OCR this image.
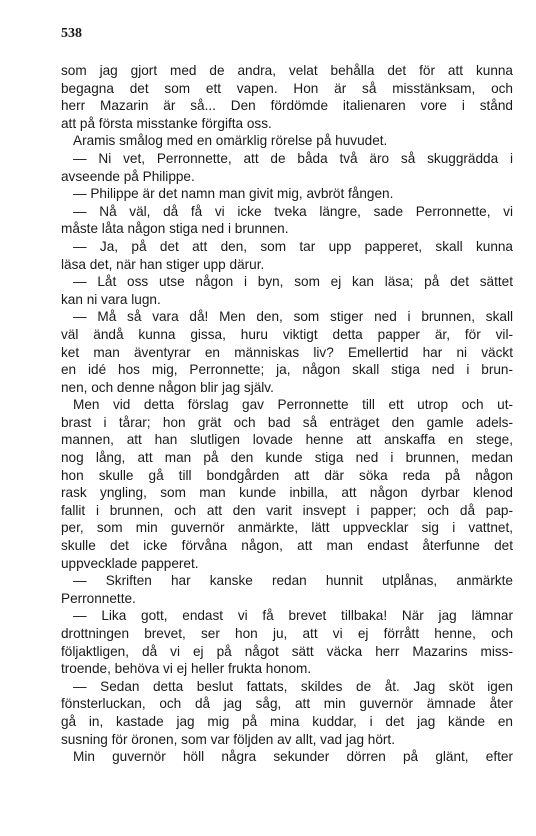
538
som jag gjort med de andra, velat behålla det för att kunna
begagna det som ett vapen. Hon är så misstänksam, och
herr Mazarin är så... Den fördömde italienaren vore i stånd
att på första misstanke förgifta oss.
Aramis smålog med en omärklig rörelse på huvudet.
— Ni vet, Perronnette, att de båda två äro så skuggrädda i
avseende på Philippe.
— Philippe är det namn man givit mig, avbröt fången.
— Nå väl, då få vi icke tveka längre, sade Perronnette, vi
måste låta någon stiga ned i brunnen.
— Ja, på det att den, som tar upp papperet, skall kunna
läsa det, när han stiger upp därur.
— Låt oss utse någon i byn, som ej kan läsa; på det sättet
kan ni vara lugn.
— Må så vara då! Men den, som stiger ned i brunnen, skall
väl ändå kunna gissa, huru viktigt detta papper är, för vil-
ket man äventyrar en människas liv? Emellertid har ni väckt
en idé hos mig, Perronnette; ja, någon skall stiga ned i brun-
nen, och denne någon blir jag själv.
Men vid detta förslag gav Perronnette till ett utrop och ut-
brast i tårar; hon grät och bad så enträget den gamle adels-
mannen, att han slutligen lovade henne att anskaffa en stege,
nog lång, att man på den kunde stiga ned i brunnen, medan
hon skulle gå till bondgården att där söka reda på någon
rask yngling, som man kunde inbilla, att någon dyrbar klenod
fallit i brunnen, och att den varit insvept i papper; och då pap-
per, som min guvernör anmärkte, lätt uppvecklar sig i vattnet,
skulle det icke förvåna någon, att man endast återfunne det
uppvecklade papperet.
— Skriften har kanske redan hunnit utplånas, anmärkte
Perronnette.
— Lika gott, endast vi få brevet tillbaka! När jag lämnar
drottningen brevet, ser hon ju, att vi ej förrått henne, och
följaktligen, då vi ej på något sätt väcka herr Mazarins miss-
troende, behöva vi ej heller frukta honom.
— Sedan detta beslut fattats, skildes de åt. Jag sköt igen
fönsterluckan, och då jag såg, att min guvernör ämnade åter
gå in, kastade jag mig på mina kuddar, i det jag kände en
susning för öronen, som var följden av allt, vad jag hört.
Min guvernör höll några sekunder dörren på glänt, efter
